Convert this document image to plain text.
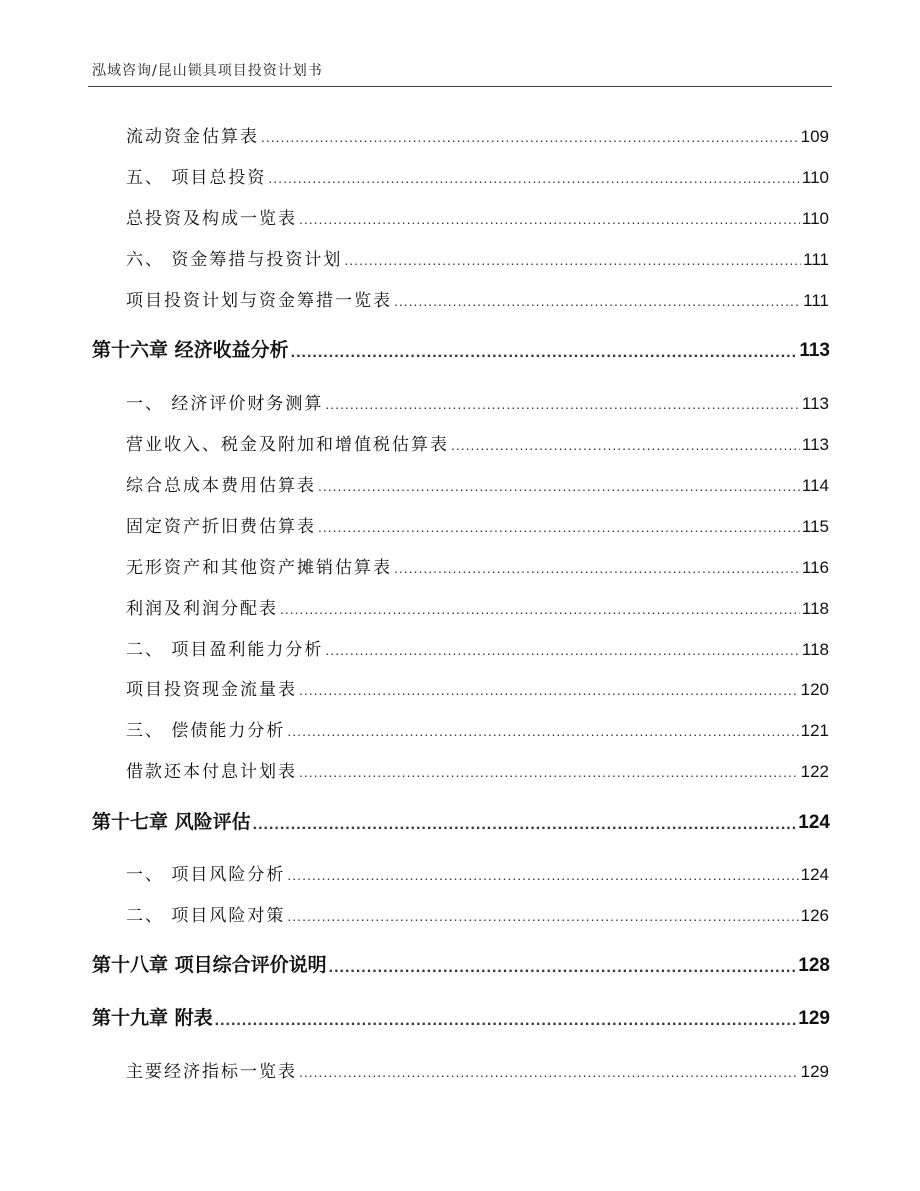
泓域咨询/昆山锁具项目投资计划书
流动资金估算表 .....	109
五、 项目总投资 .....	110
总投资及构成一览表 .....	110
六、 资金筹措与投资计划 .....	111
项目投资计划与资金筹措一览表 .....	111
第十六章 经济收益分析 .....	113
一、 经济评价财务测算 .....	113
营业收入、税金及附加和增值税估算表 .....	113
综合总成本费用估算表 .....	114
固定资产折旧费估算表 .....	115
无形资产和其他资产摊销估算表 .....	116
利润及利润分配表 .....	118
二、 项目盈利能力分析 .....	118
项目投资现金流量表 .....	120
三、 偿债能力分析 .....	121
借款还本付息计划表 .....	122
第十七章 风险评估 .....	124
一、 项目风险分析 .....	124
二、 项目风险对策 .....	126
第十八章 项目综合评价说明 .....	128
第十九章 附表 .....	129
主要经济指标一览表 .....	129
